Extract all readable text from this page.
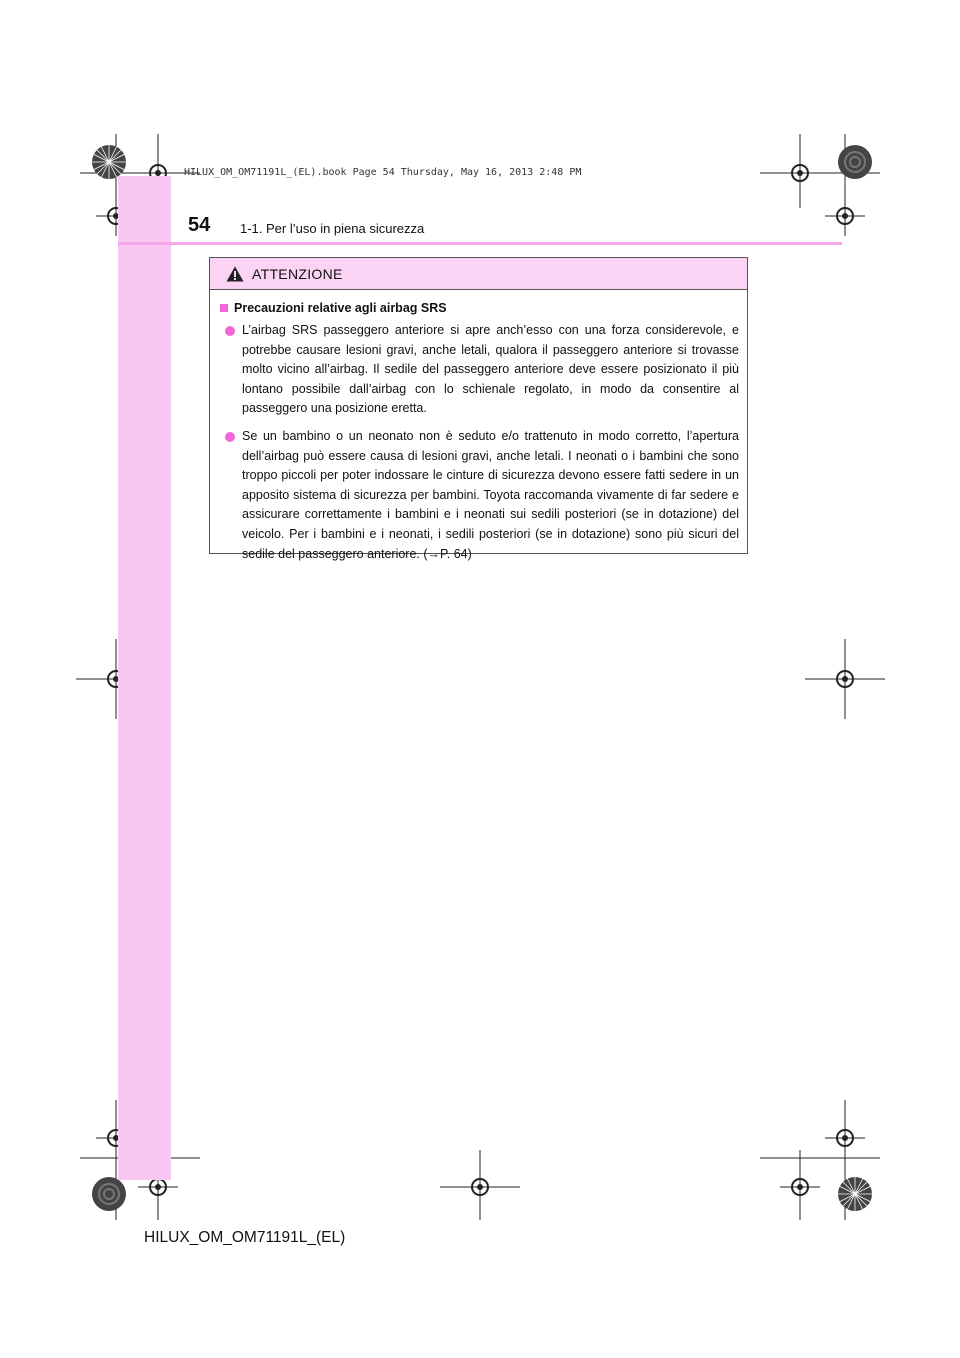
HILUX_OM_OM71191L_(EL).book Page 54 Thursday, May 16, 2013 2:48 PM
54 1-1. Per l’uso in piena sicurezza
ATTENZIONE
Precauzioni relative agli airbag SRS
L’airbag SRS passeggero anteriore si apre anch’esso con una forza considerevole, e potrebbe causare lesioni gravi, anche letali, qualora il passeggero anteriore si trovasse molto vicino all’airbag. Il sedile del passeggero anteriore deve essere posizionato il più lontano possibile dall’airbag con lo schienale regolato, in modo da consentire al passeggero una posizione eretta.
Se un bambino o un neonato non è seduto e/o trattenuto in modo corretto, l’apertura dell’airbag può essere causa di lesioni gravi, anche letali. I neonati o i bambini che sono troppo piccoli per poter indossare le cinture di sicurezza devono essere fatti sedere in un apposito sistema di sicurezza per bambini. Toyota raccomanda vivamente di far sedere e assicurare correttamente i bambini e i neonati sui sedili posteriori (se in dotazione) del veicolo. Per i bambini e i neonati, i sedili posteriori (se in dotazione) sono più sicuri del sedile del passeggero anteriore. (→P. 64)
HILUX_OM_OM71191L_(EL)
